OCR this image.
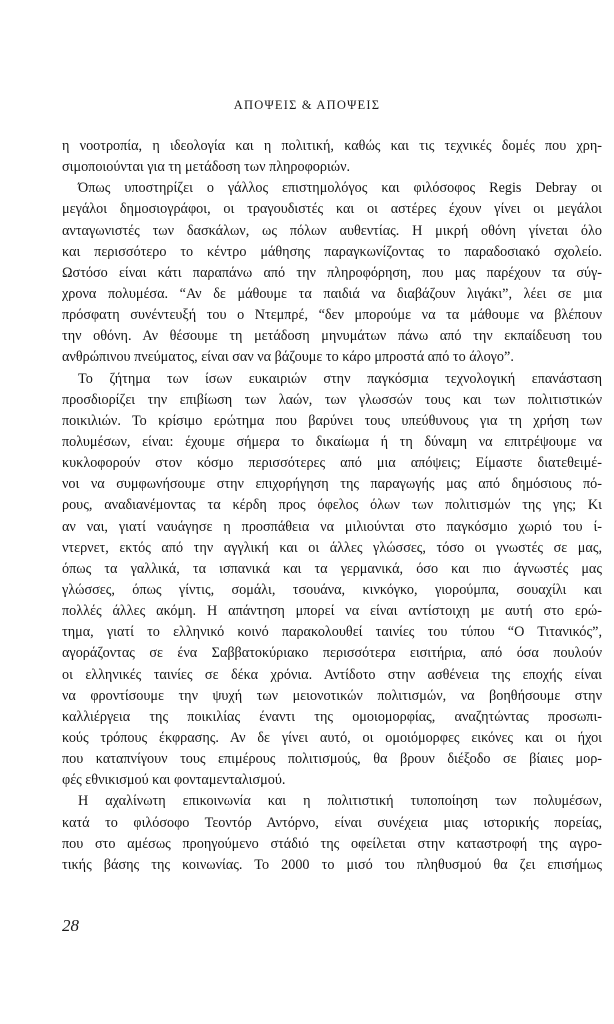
ΑΠΟΨΕΙΣ & ΑΠΟΨΕΙΣ
η νοοτροπία, η ιδεολογία και η πολιτική, καθώς και τις τεχνικές δομές που χρη-
σιμοποιούνται για τη μετάδοση των πληροφοριών.
Όπως υποστηρίζει ο γάλλος επιστημολόγος και φιλόσοφος Regis Debray οι
μεγάλοι δημοσιογράφοι, οι τραγουδιστές και οι αστέρες έχουν γίνει οι μεγάλοι
ανταγωνιστές των δασκάλων, ως πόλων αυθεντίας. Η μικρή οθόνη γίνεται όλο
και περισσότερο το κέντρο μάθησης παραγκωνίζοντας το παραδοσιακό σχολείο.
Ωστόσο είναι κάτι παραπάνω από την πληροφόρηση, που μας παρέχουν τα σύγ-
χρονα πολυμέσα. “Αν δε μάθουμε τα παιδιά να διαβάζουν λιγάκι”, λέει σε μια
πρόσφατη συνέντευξή του ο Ντεμπρέ, “δεν μπορούμε να τα μάθουμε να βλέπουν
την οθόνη. Αν θέσουμε τη μετάδοση μηνυμάτων πάνω από την εκπαίδευση του
ανθρώπινου πνεύματος, είναι σαν να βάζουμε το κάρο μπροστά από το άλογο”.
Το ζήτημα των ίσων ευκαιριών στην παγκόσμια τεχνολογική επανάσταση
προσδιορίζει την επιβίωση των λαών, των γλωσσών τους και των πολιτιστικών
ποικιλιών. Το κρίσιμο ερώτημα που βαρύνει τους υπεύθυνους για τη χρήση των
πολυμέσων, είναι: έχουμε σήμερα το δικαίωμα ή τη δύναμη να επιτρέψουμε να
κυκλοφορούν στον κόσμο περισσότερες από μια απόψεις; Είμαστε διατεθειμέ-
νοι να συμφωνήσουμε στην επιχορήγηση της παραγωγής μας από δημόσιους πό-
ρους, αναδιανέμοντας τα κέρδη προς όφελος όλων των πολιτισμών της γης; Κι
αν ναι, γιατί ναυάγησε η προσπάθεια να μιλιούνται στο παγκόσμιο χωριό του ί-
ντερνετ, εκτός από την αγγλική και οι άλλες γλώσσες, τόσο οι γνωστές σε μας,
όπως τα γαλλικά, τα ισπανικά και τα γερμανικά, όσο και πιο άγνωστές μας
γλώσσες, όπως γίντις, σομάλι, τσουάνα, κινκόγκο, γιορούμπα, σουαχίλι και
πολλές άλλες ακόμη. Η απάντηση μπορεί να είναι αντίστοιχη με αυτή στο ερώ-
τημα, γιατί το ελληνικό κοινό παρακολουθεί ταινίες του τύπου “Ο Τιτανικός”,
αγοράζοντας σε ένα Σαββατοκύριακο περισσότερα εισιτήρια, από όσα πουλούν
οι ελληνικές ταινίες σε δέκα χρόνια. Αντίδοτο στην ασθένεια της εποχής είναι
να φροντίσουμε την ψυχή των μειονοτικών πολιτισμών, να βοηθήσουμε στην
καλλιέργεια της ποικιλίας έναντι της ομοιομορφίας, αναζητώντας προσωπι-
κούς τρόπους έκφρασης. Αν δε γίνει αυτό, οι ομοιόμορφες εικόνες και οι ήχοι
που καταπνίγουν τους επιμέρους πολιτισμούς, θα βρουν διέξοδο σε βίαιες μορ-
φές εθνικισμού και φονταμενταλισμού.
Η αχαλίνωτη επικοινωνία και η πολιτιστική τυποποίηση των πολυμέσων,
κατά το φιλόσοφο Τεοντόρ Αντόρνο, είναι συνέχεια μιας ιστορικής πορείας,
που στο αμέσως προηγούμενο στάδιό της οφείλεται στην καταστροφή της αγρο-
τικής βάσης της κοινωνίας. Το 2000 το μισό του πληθυσμού θα ζει επισήμως
28
